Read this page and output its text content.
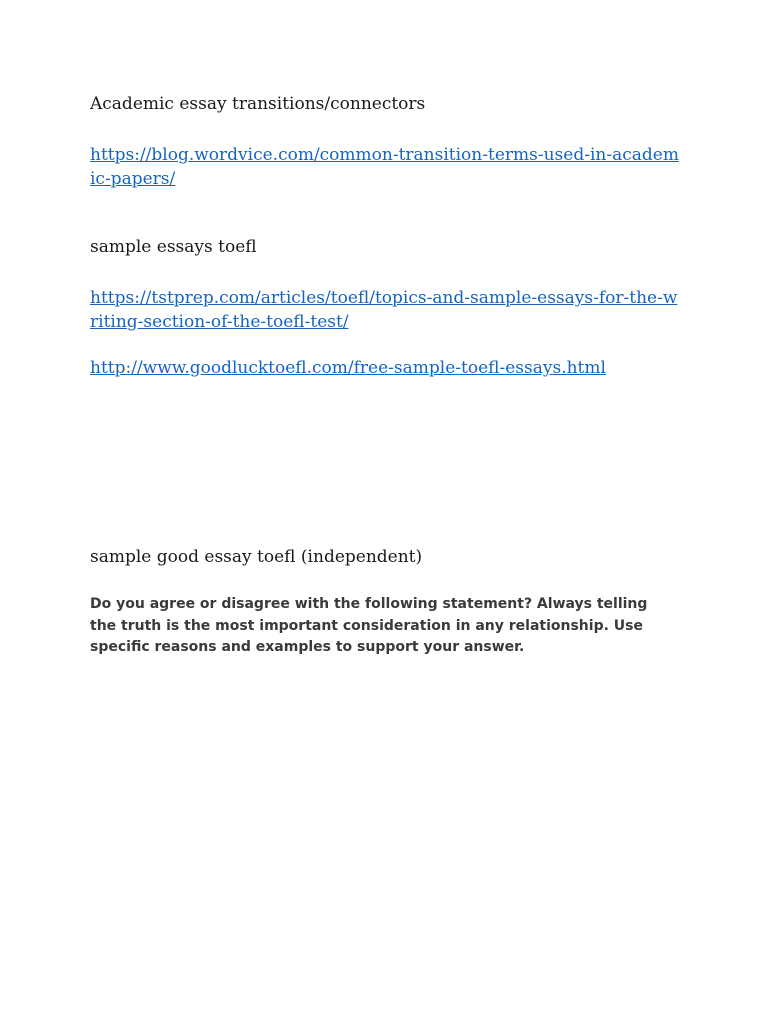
Academic essay transitions/connectors
https://blog.wordvice.com/common-transition-terms-used-in-academic-papers/
sample essays toefl
https://tstprep.com/articles/toefl/topics-and-sample-essays-for-the-writing-section-of-the-toefl-test/
http://www.goodlucktoefl.com/free-sample-toefl-essays.html
sample good essay toefl (independent)

Do you agree or disagree with the following statement? Always telling the truth is the most important consideration in any relationship. Use specific reasons and examples to support your answer.
